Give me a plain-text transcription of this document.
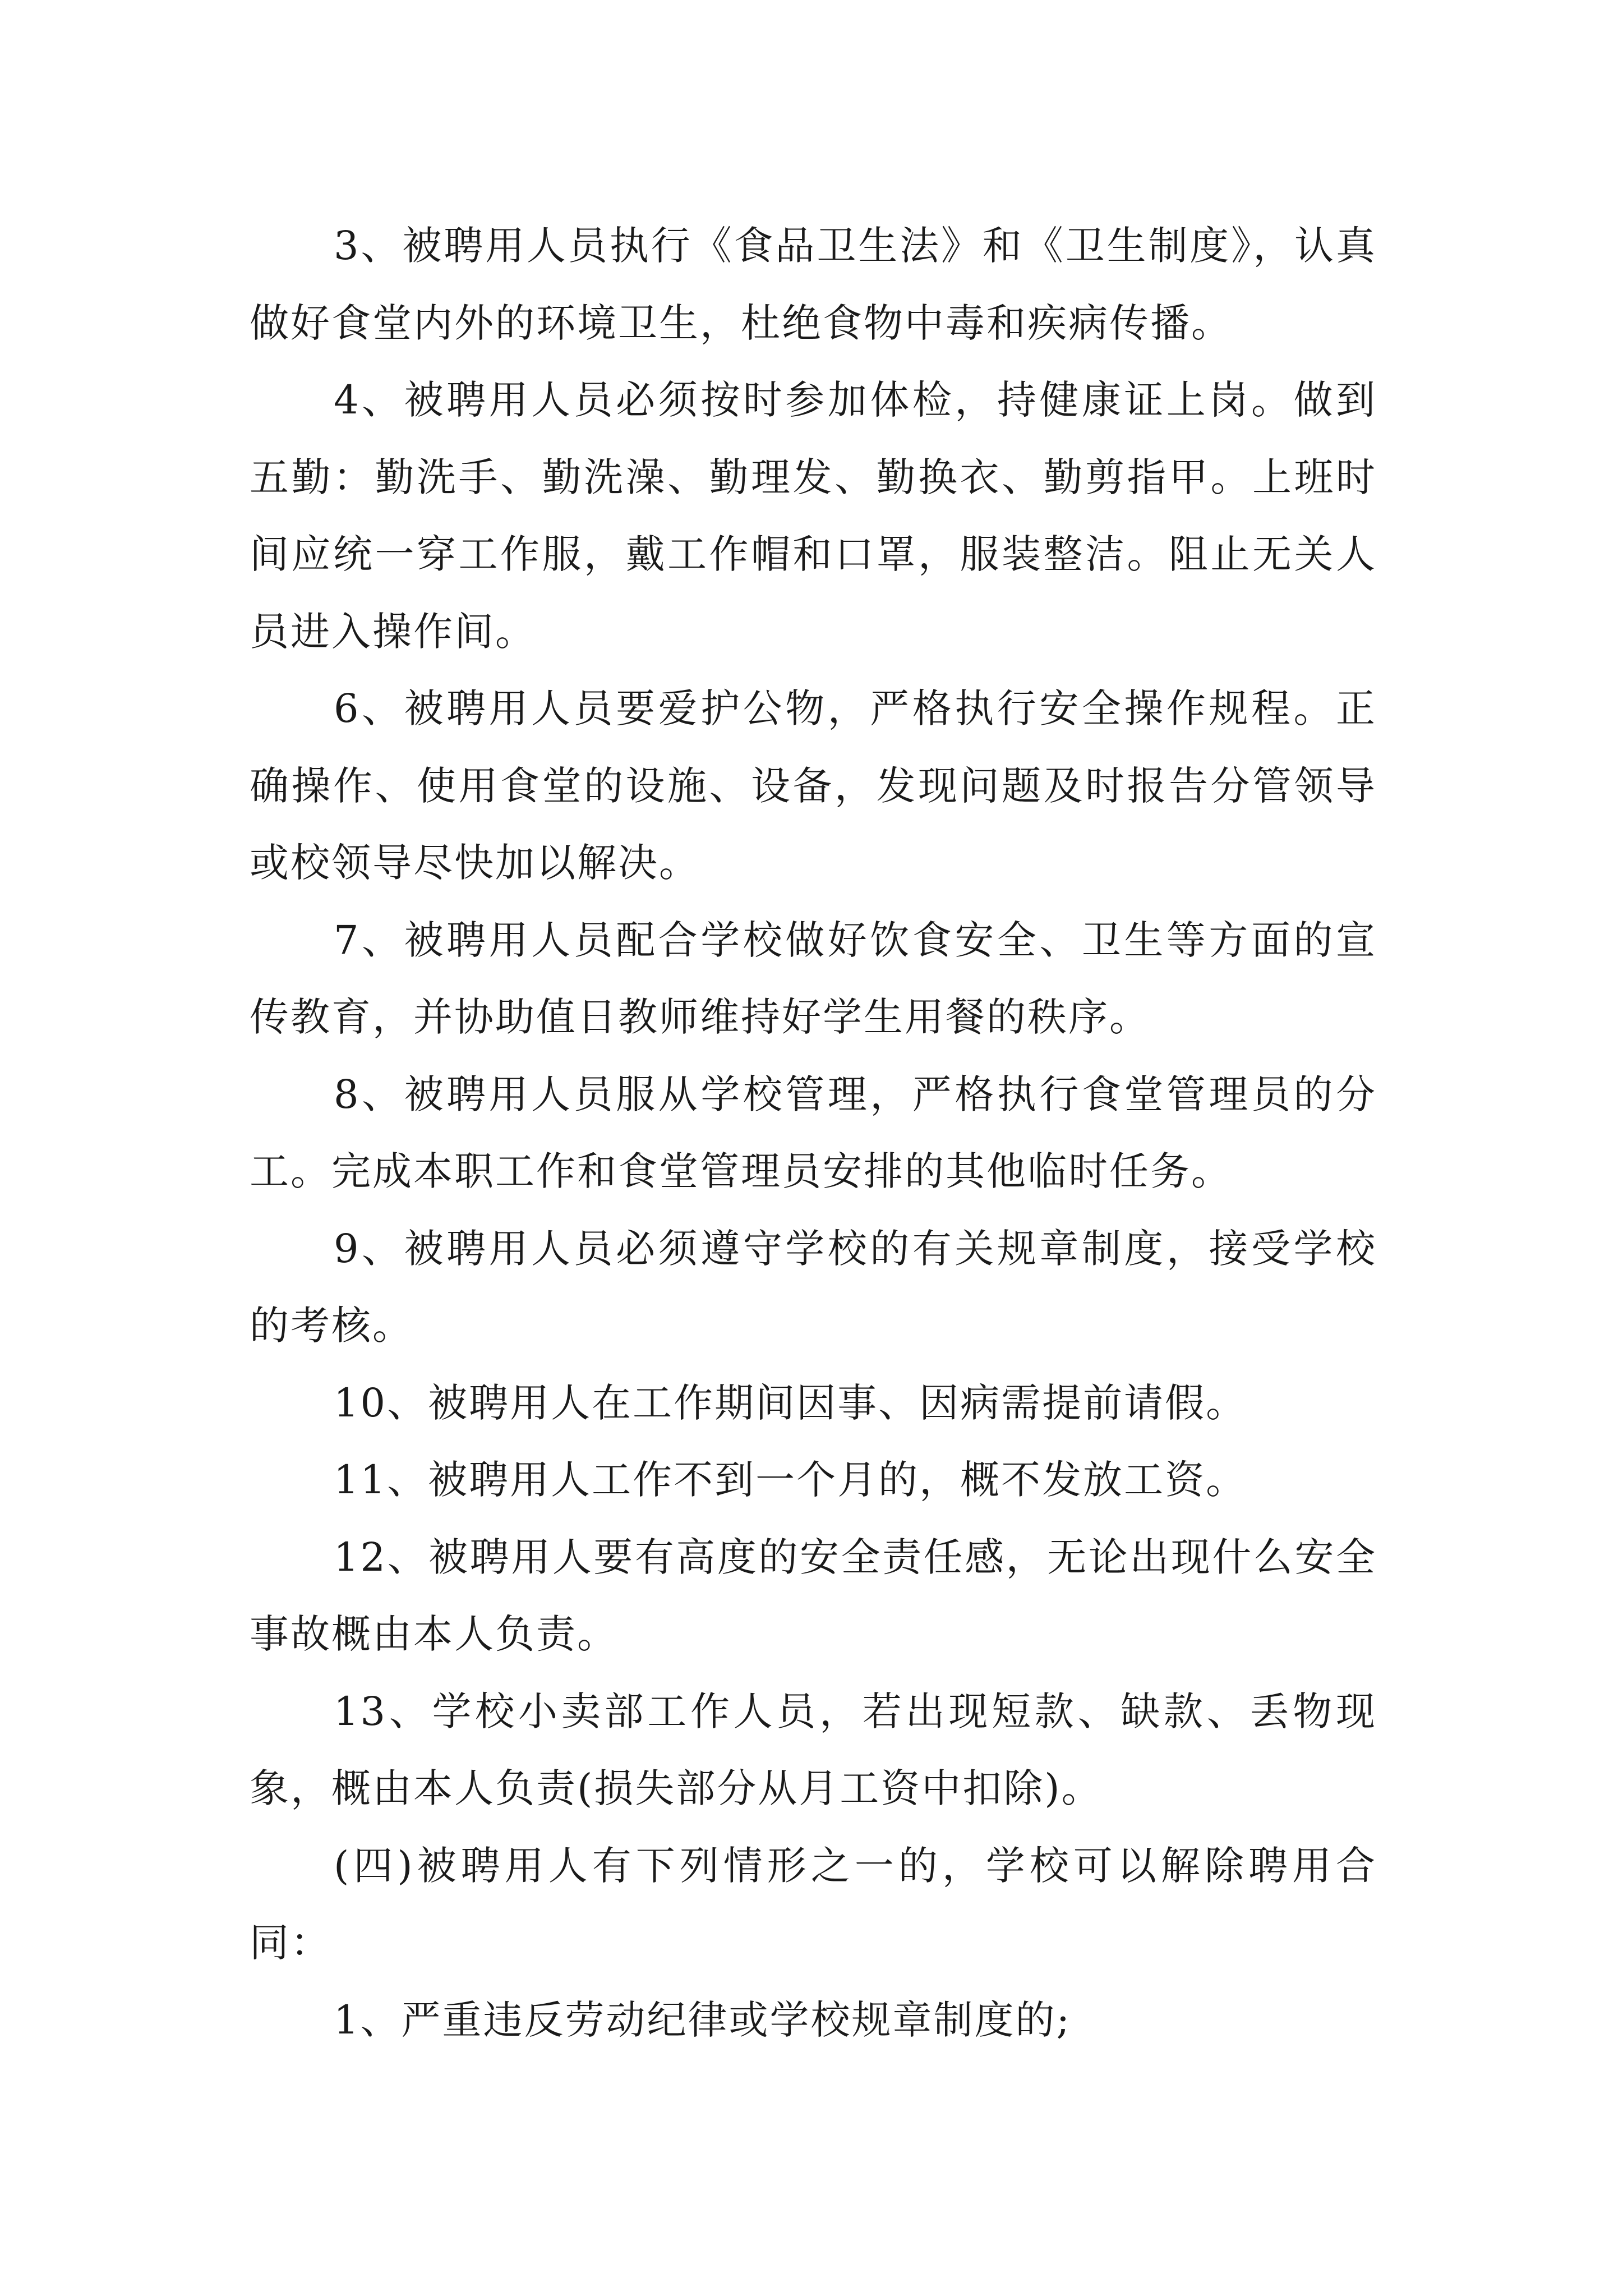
3、被聘用人员执行《食品卫生法》和《卫生制度》，认真做好食堂内外的环境卫生，杜绝食物中毒和疾病传播。

4、被聘用人员必须按时参加体检，持健康证上岗。做到五勤：勤洗手、勤洗澡、勤理发、勤换衣、勤剪指甲。上班时间应统一穿工作服，戴工作帽和口罩，服装整洁。阻止无关人员进入操作间。

6、被聘用人员要爱护公物，严格执行安全操作规程。正确操作、使用食堂的设施、设备，发现问题及时报告分管领导或校领导尽快加以解决。

7、被聘用人员配合学校做好饮食安全、卫生等方面的宣传教育，并协助值日教师维持好学生用餐的秩序。

8、被聘用人员服从学校管理，严格执行食堂管理员的分工。完成本职工作和食堂管理员安排的其他临时任务。

9、被聘用人员必须遵守学校的有关规章制度，接受学校的考核。

10、被聘用人在工作期间因事、因病需提前请假。

11、被聘用人工作不到一个月的，概不发放工资。

12、被聘用人要有高度的安全责任感，无论出现什么安全事故概由本人负责。

13、学校小卖部工作人员，若出现短款、缺款、丢物现象，概由本人负责(损失部分从月工资中扣除)。

(四)被聘用人有下列情形之一的，学校可以解除聘用合同：

1、严重违反劳动纪律或学校规章制度的;
